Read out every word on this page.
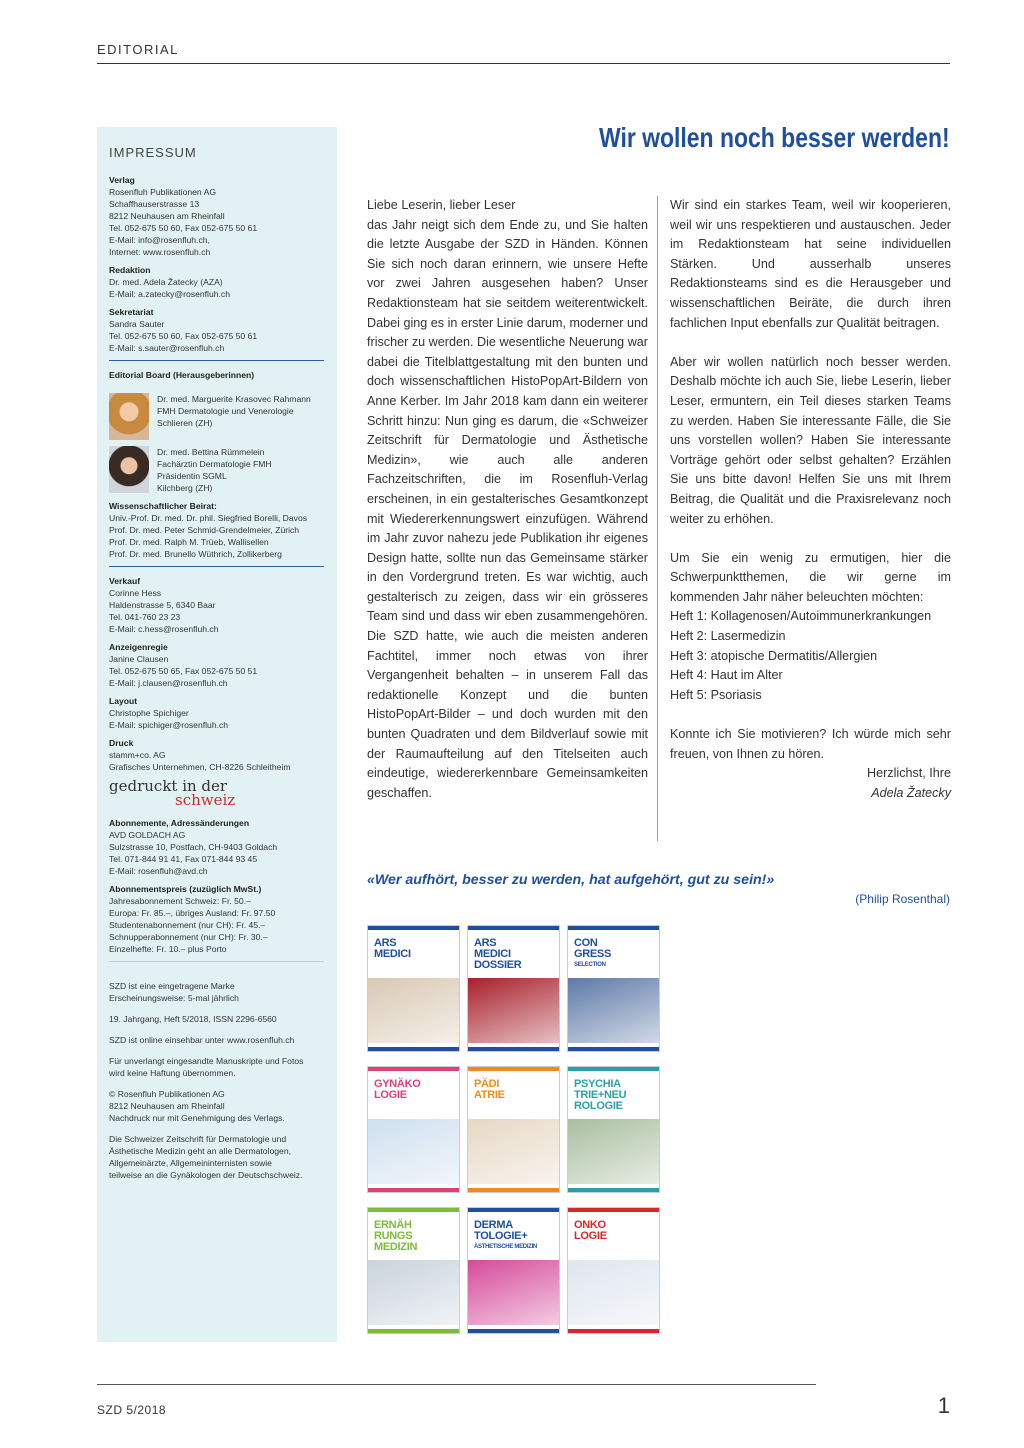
EDITORIAL
IMPRESSUM
Verlag
Rosenfluh Publikationen AG
Schaffhauserstrasse 13
8212 Neuhausen am Rheinfall
Tel. 052-675 50 60, Fax 052-675 50 61
E-Mail: info@rosenfluh.ch,
Internet: www.rosenfluh.ch
Redaktion
Dr. med. Adela Žatecky (AZA)
E-Mail: a.zatecky@rosenfluh.ch
Sekretariat
Sandra Sauter
Tel. 052-675 50 60, Fax 052-675 50 61
E-Mail: s.sauter@rosenfluh.ch
Editorial Board (Herausgeberinnen)
Dr. med. Marguerite Krasovec Rahmann
FMH Dermatologie und Venerologie
Schlieren (ZH)
Dr. med. Bettina Rümmelein
Fachärztin Dermatologie FMH
Präsidentin SGML
Kilchberg (ZH)
Wissenschaftlicher Beirat:
Univ.-Prof. Dr. med. Dr. phil. Siegfried Borelli, Davos
Prof. Dr. med. Peter Schmid-Grendelmeier, Zürich
Prof. Dr. med. Ralph M. Trüeb, Wallisellen
Prof. Dr. med. Brunello Wüthrich, Zollikerberg
Verkauf
Corinne Hess
Haldenstrasse 5, 6340 Baar
Tel. 041-760 23 23
E-Mail: c.hess@rosenfluh.ch
Anzeigenregie
Janine Clausen
Tel. 052-675 50 65, Fax 052-675 50 51
E-Mail: j.clausen@rosenfluh.ch
Layout
Christophe Spichiger
E-Mail: spichiger@rosenfluh.ch
Druck
stamm+co. AG
Grafisches Unternehmen, CH-8226 Schleitheim
gedruckt in der
schweiz
Abonnemente, Adressänderungen
AVD GOLDACH AG
Sulzstrasse 10, Postfach, CH-9403 Goldach
Tel. 071-844 91 41, Fax 071-844 93 45
E-Mail: rosenfluh@avd.ch
Abonnementspreis (zuzüglich MwSt.)
Jahresabonnement Schweiz: Fr. 50.–
Europa: Fr. 85.–, übriges Ausland: Fr. 97.50
Studentenabonnement (nur CH): Fr. 45.–
Schnupperabonnement (nur CH): Fr. 30.–
Einzelhefte: Fr. 10.– plus Porto
SZD ist eine eingetragene Marke
Erscheinungsweise: 5-mal jährlich
19. Jahrgang, Heft 5/2018, ISSN 2296-6560
SZD ist online einsehbar unter www.rosenfluh.ch
Für unverlangt eingesandte Manuskripte und Fotos
wird keine Haftung übernommen.
© Rosenfluh Publikationen AG
8212 Neuhausen am Rheinfall
Nachdruck nur mit Genehmigung des Verlags.
Die Schweizer Zeitschrift für Dermatologie und
Ästhetische Medizin geht an alle Dermatologen,
Allgemeinärzte, Allgemeininternisten sowie
teilweise an die Gynäkologen der Deutschschweiz.
Wir wollen noch besser werden!
Liebe Leserin, lieber Leser
das Jahr neigt sich dem Ende zu, und Sie halten die letzte Ausgabe der SZD in Händen. Können Sie sich noch daran erinnern, wie unsere Hefte vor zwei Jahren ausgesehen haben? Unser Redaktionsteam hat sie seitdem weiterentwickelt. Dabei ging es in erster Linie darum, moderner und frischer zu werden. Die wesentliche Neuerung war dabei die Titelblattgestaltung mit den bunten und doch wissenschaftlichen HistoPopArt-Bildern von Anne Kerber. Im Jahr 2018 kam dann ein weiterer Schritt hinzu: Nun ging es darum, die «Schweizer Zeitschrift für Dermatologie und Ästhetische Medizin», wie auch alle anderen Fachzeitschriften, die im Rosenfluh-Verlag erscheinen, in ein gestalterisches Gesamtkonzept mit Wiedererkennungswert einzufügen. Während im Jahr zuvor nahezu jede Publikation ihr eigenes Design hatte, sollte nun das Gemeinsame stärker in den Vordergrund treten. Es war wichtig, auch gestalterisch zu zeigen, dass wir ein grösseres Team sind und dass wir eben zusammengehören. Die SZD hatte, wie auch die meisten anderen Fachtitel, immer noch etwas von ihrer Vergangenheit behalten – in unserem Fall das redaktionelle Konzept und die bunten HistoPopArt-Bilder – und doch wurden mit den bunten Quadraten und dem Bildverlauf sowie mit der Raumaufteilung auf den Titelseiten auch eindeutige, wiedererkennbare Gemeinsamkeiten geschaffen.
Wir sind ein starkes Team, weil wir kooperieren, weil wir uns respektieren und austauschen. Jeder im Redaktionsteam hat seine individuellen Stärken. Und ausserhalb unseres Redaktionsteams sind es die Herausgeber und wissenschaftlichen Beiräte, die durch ihren fachlichen Input ebenfalls zur Qualität beitragen.
Aber wir wollen natürlich noch besser werden. Deshalb möchte ich auch Sie, liebe Leserin, lieber Leser, ermuntern, ein Teil dieses starken Teams zu werden. Haben Sie interessante Fälle, die Sie uns vorstellen wollen? Haben Sie interessante Vorträge gehört oder selbst gehalten? Erzählen Sie uns bitte davon! Helfen Sie uns mit Ihrem Beitrag, die Qualität und die Praxisrelevanz noch weiter zu erhöhen.
Um Sie ein wenig zu ermutigen, hier die Schwerpunktthemen, die wir gerne im kommenden Jahr näher beleuchten möchten:
Heft 1: Kollagenosen/Autoimmunerkrankungen
Heft 2: Lasermedizin
Heft 3: atopische Dermatitis/Allergien
Heft 4: Haut im Alter
Heft 5: Psoriasis
Konnte ich Sie motivieren? Ich würde mich sehr freuen, von Ihnen zu hören.
Herzlichst, Ihre
Adela Žatecky
«Wer aufhört, besser zu werden, hat aufgehört, gut zu sein!»
(Philip Rosenthal)
ARS
MEDICI
ARS
MEDICI
DOSSIER
CON
GRESS
SELECTION
GYNÄKO
LOGIE
PÄDI
ATRIE
PSYCHIA
TRIE+NEU
ROLOGIE
ERNÄH
RUNGS
MEDIZIN
DERMA
TOLOGIE+
ÄSTHETISCHE MEDIZIN
ONKO
LOGIE
SZD 5/2018	1
